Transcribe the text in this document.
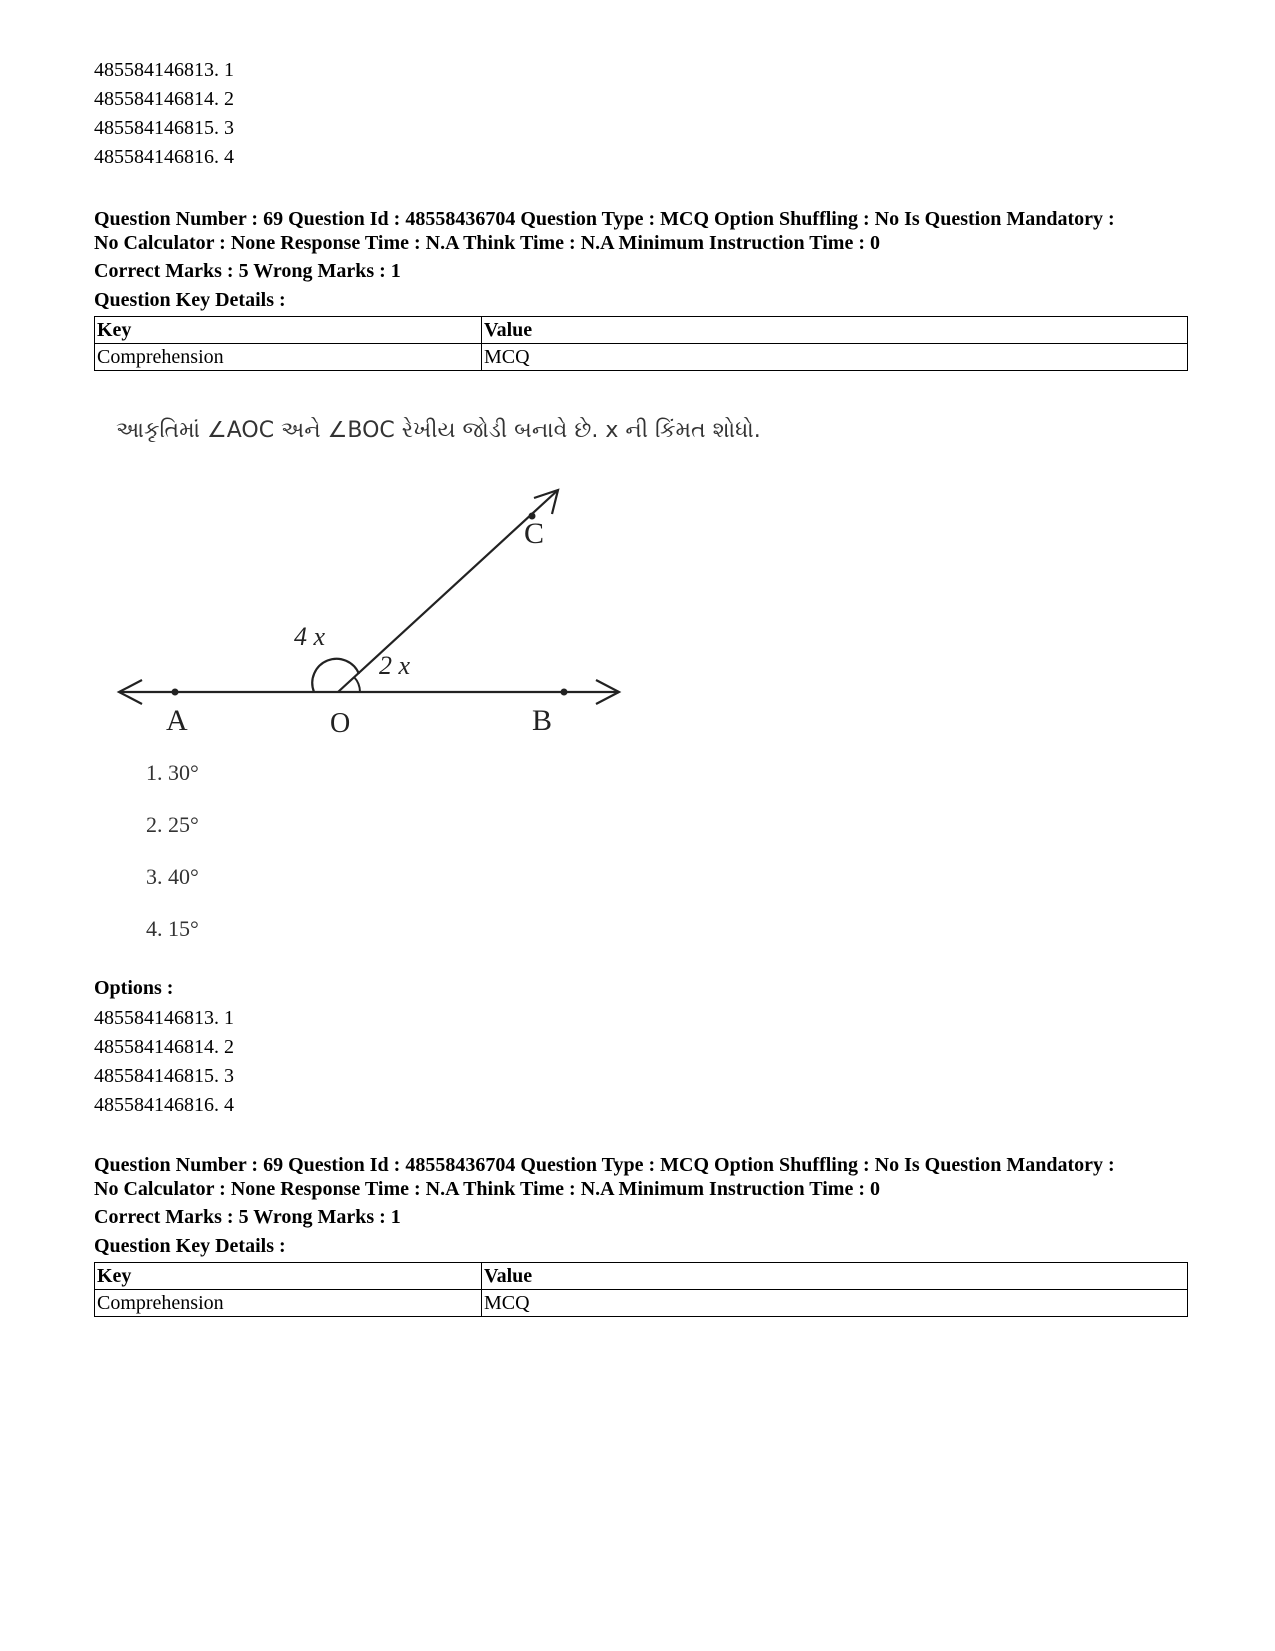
485584146813. 1
485584146814. 2
485584146815. 3
485584146816. 4
Question Number : 69 Question Id : 48558436704 Question Type : MCQ Option Shuffling : No Is Question Mandatory :
No Calculator : None Response Time : N.A Think Time : N.A Minimum Instruction Time : 0
Correct Marks : 5 Wrong Marks : 1
Question Key Details :
Key	Value
Comprehension	MCQ
આકૃતિમાં ∠AOC અને ∠BOC રેખીય જોડી બનાવે છે. x ની કિંમત શોધો.
A	O	B
C
4 x
2 x
1. 30°
2. 25°
3. 40°
4. 15°
Options :
485584146813. 1
485584146814. 2
485584146815. 3
485584146816. 4
Question Number : 69 Question Id : 48558436704 Question Type : MCQ Option Shuffling : No Is Question Mandatory :
No Calculator : None Response Time : N.A Think Time : N.A Minimum Instruction Time : 0
Correct Marks : 5 Wrong Marks : 1
Question Key Details :
Key	Value
Comprehension	MCQ
